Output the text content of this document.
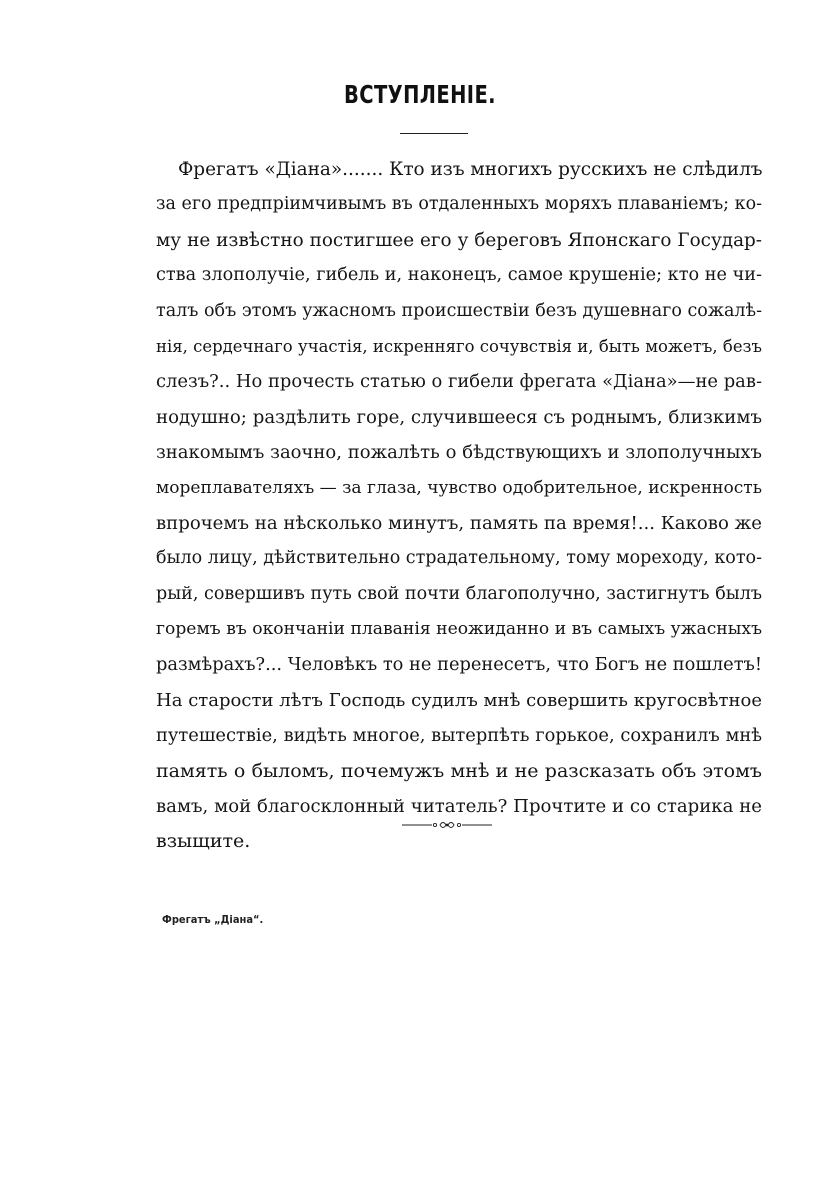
ВСТУПЛЕНІЕ.
Фрегатъ «Діана»....... Кто изъ многихъ русскихъ не слѣдилъ
за его предпріимчивымъ въ отдаленныхъ моряхъ плаваніемъ; ко-
му не извѣстно постигшее его у береговъ Японскаго Государ-
ства злополучіе, гибель и, наконецъ, самое крушеніе; кто не чи-
талъ объ этомъ ужасномъ происшествіи безъ душевнаго сожалѣ-
нія, сердечнаго участія, искренняго сочувствія и, быть можетъ, безъ
слезъ?.. Но прочесть статью о гибели фрегата «Діана»—не рав-
нодушно; раздѣлить горе, случившееся съ роднымъ, близкимъ
знакомымъ заочно, пожалѣть о бѣдствующихъ и злополучныхъ
мореплавателяхъ — за глаза, чувство одобрительное, искренность
впрочемъ на нѣсколько минутъ, память па время!... Каково же
было лицу, дѣйствительно страдательному, тому мореходу, кото-
рый, совершивъ путь свой почти благополучно, застигнутъ былъ
горемъ въ окончаніи плаванія неожиданно и въ самыхъ ужасныхъ
размѣрахъ?... Человѣкъ то не перенесетъ, что Богъ не пошлетъ!
На старости лѣтъ Господь судилъ мнѣ совершить кругосвѣтное
путешествіе, видѣть многое, вытерпѣть горькое, сохранилъ мнѣ
память о быломъ, почемужъ мнѣ и не разсказать объ этомъ
вамъ, мой благосклонный читатель? Прочтите и со старика не
взыщите.
Фрегатъ „Діана“.
